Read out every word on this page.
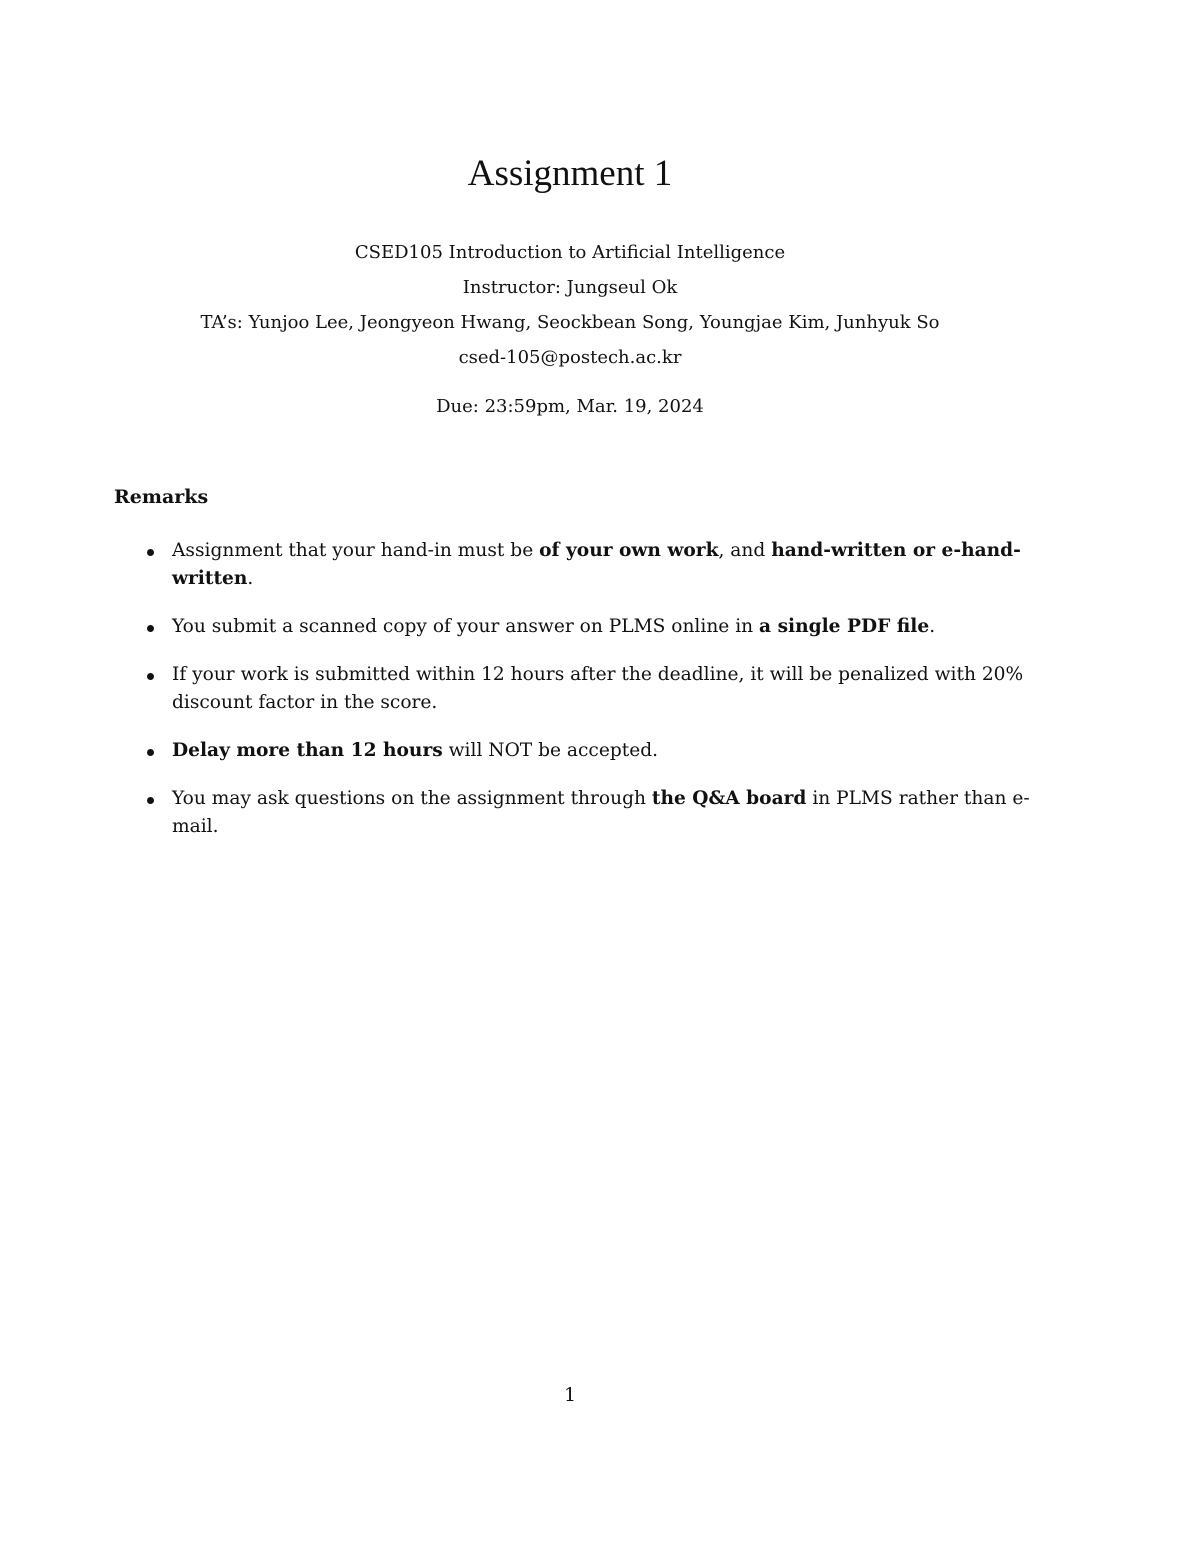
Assignment 1
CSED105 Introduction to Artificial Intelligence
Instructor: Jungseul Ok
TA’s: Yunjoo Lee, Jeongyeon Hwang, Seockbean Song, Youngjae Kim, Junhyuk So
csed-105@postech.ac.kr
Due: 23:59pm, Mar. 19, 2024
Remarks
Assignment that your hand-in must be of your own work, and hand-written or e-hand-written.
You submit a scanned copy of your answer on PLMS online in a single PDF file.
If your work is submitted within 12 hours after the deadline, it will be penalized with 20% discount factor in the score.
Delay more than 12 hours will NOT be accepted.
You may ask questions on the assignment through the Q&A board in PLMS rather than e-mail.
1
